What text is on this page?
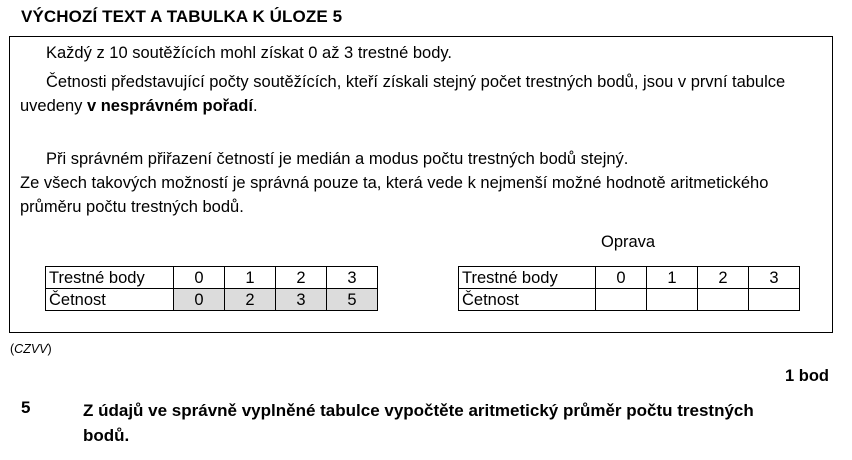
VÝCHOZÍ TEXT A TABULKA K ÚLOZE 5
Každý z 10 soutěžících mohl získat 0 až 3 trestné body.
Četnosti představující počty soutěžících, kteří získali stejný počet trestných bodů, jsou v první tabulce uvedeny v nesprávném pořadí.
Při správném přiřazení četností je medián a modus počtu trestných bodů stejný.
Ze všech takových možností je správná pouze ta, která vede k nejmenší možné hodnotě aritmetického průměru počtu trestných bodů.
Oprava
Trestné body	0	1	2	3
Četnost	0	2	3	5
Trestné body	0	1	2	3
Četnost				
(CZVV)
1 bod
5	Z údajů ve správně vyplněné tabulce vypočtěte aritmetický průměr počtu trestných bodů.
